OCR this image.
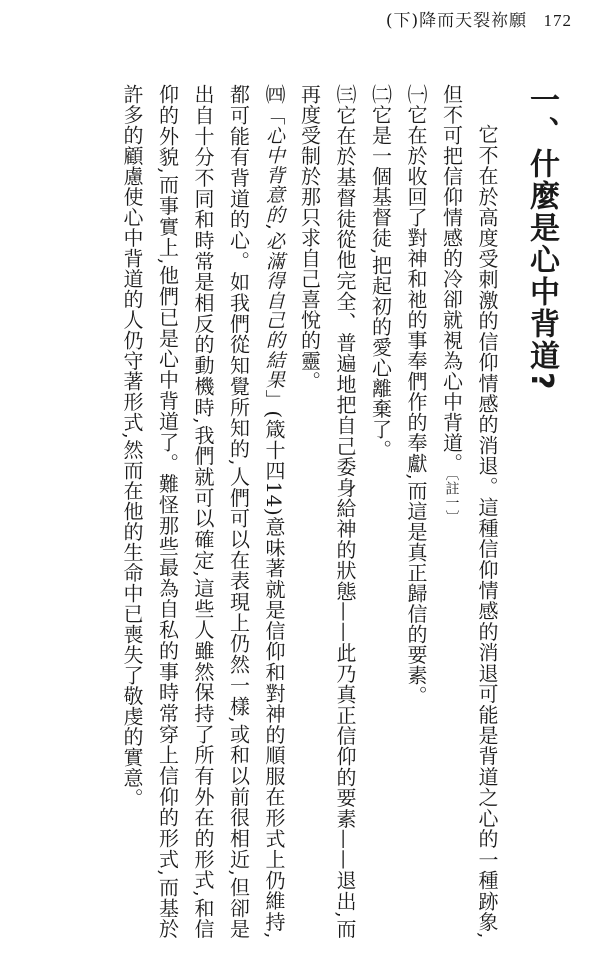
(下)降而天裂祢願 172
一、什麼是心中背道?

它不在於高度受刺激的信仰情感的消退。這種信仰情感的消退可能是背道之心的一種跡象,但不可把信仰情感的冷卻就視為心中背道。〔註一〕

㈠它在於收回了對神和祂的事奉們作的奉獻,而這是真正歸信的要素。

㈡它是一個基督徒,把起初的愛心離棄了。

㈢它在於基督徒從他完全、普遍地把自己委身給神的狀態——此乃真正信仰的要素——退出,而再度受制於那只求自己喜悅的靈。

㈣「心中背意的,必滿得自己的結果」(箴十四14)意味著就是信仰和對神的順服在形式上仍維持,都可能有背道的心。如我們從知覺所知的,人們可以在表現上仍然一樣,或和以前很相近,但卻是出自十分不同和時常是相反的動機時,我們就可以確定,這些人雖然保持了所有外在的形式,和信仰的外貌,而事實上,他們已是心中背道了。難怪那些最為自私的事時常穿上信仰的形式,而基於許多的顧慮使心中背道的人仍守著形式,然而在他的生命中已喪失了敬虔的實意。
